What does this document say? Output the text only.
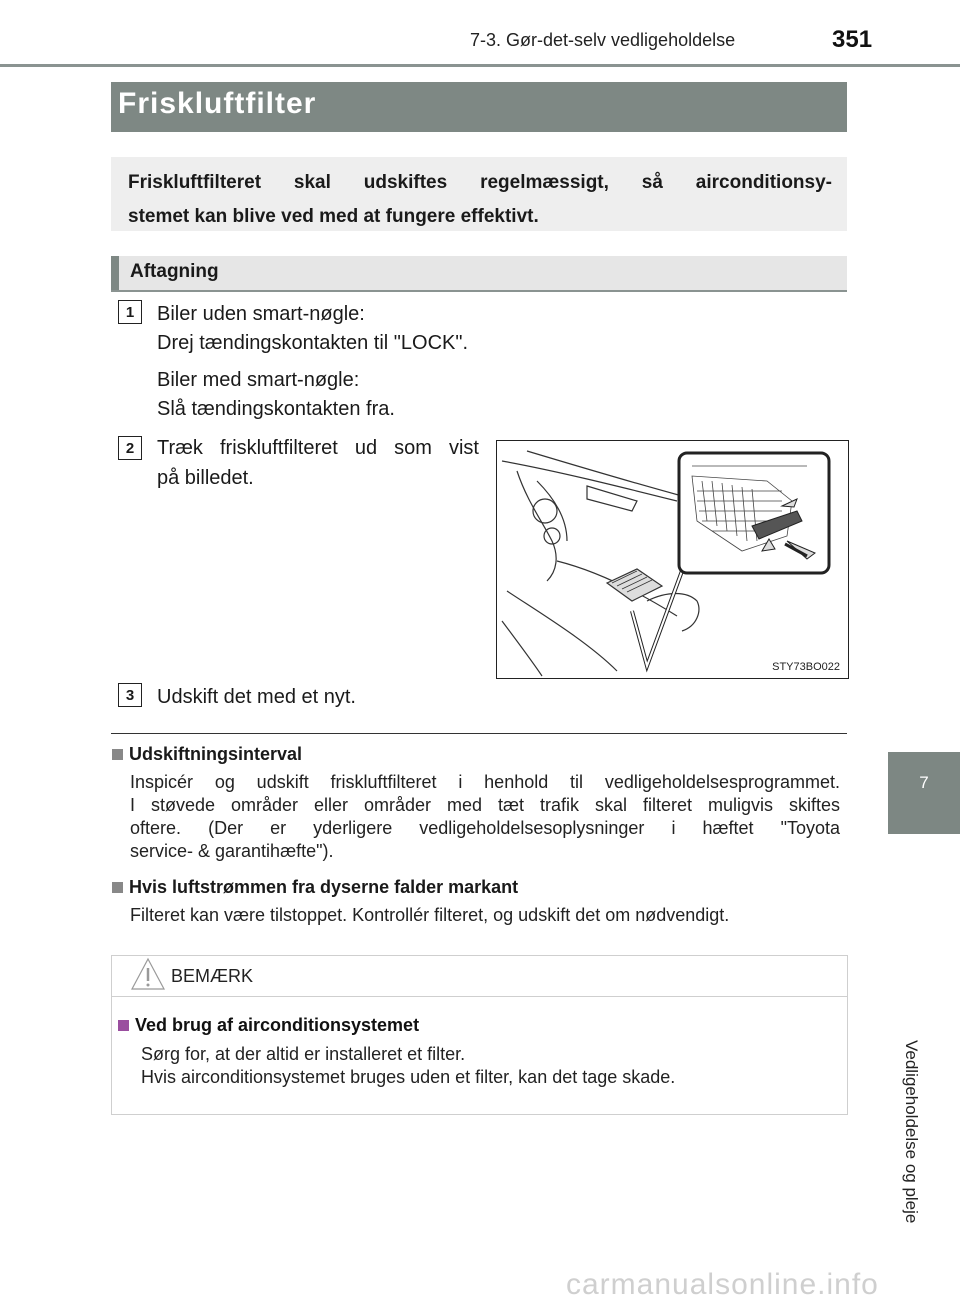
7-3. Gør-det-selv vedligeholdelse	351
7
Vedligeholdelse og pleje
Friskluftfilter
Friskluftfilteret skal udskiftes regelmæssigt, så airconditionsy-
stemet kan blive ved med at fungere effektivt.
Aftagning
1	Biler uden smart-nøgle:
Drej tændingskontakten til "LOCK".
Biler med smart-nøgle:
Slå tændingskontakten fra.
2	Træk friskluftfilteret ud som vist
på billedet.
STY73BO022
3	Udskift det med et nyt.
Udskiftningsinterval
Inspicér og udskift friskluftfilteret i henhold til vedligeholdelsesprogrammet.
I støvede områder eller områder med tæt trafik skal filteret muligvis skiftes
oftere. (Der er yderligere vedligeholdelsesoplysninger i hæftet "Toyota
service- & garantihæfte").
Hvis luftstrømmen fra dyserne falder markant
Filteret kan være tilstoppet. Kontrollér filteret, og udskift det om nødvendigt.
BEMÆRK
Ved brug af airconditionsystemet
Sørg for, at der altid er installeret et filter.
Hvis airconditionsystemet bruges uden et filter, kan det tage skade.
carmanualsonline.info
